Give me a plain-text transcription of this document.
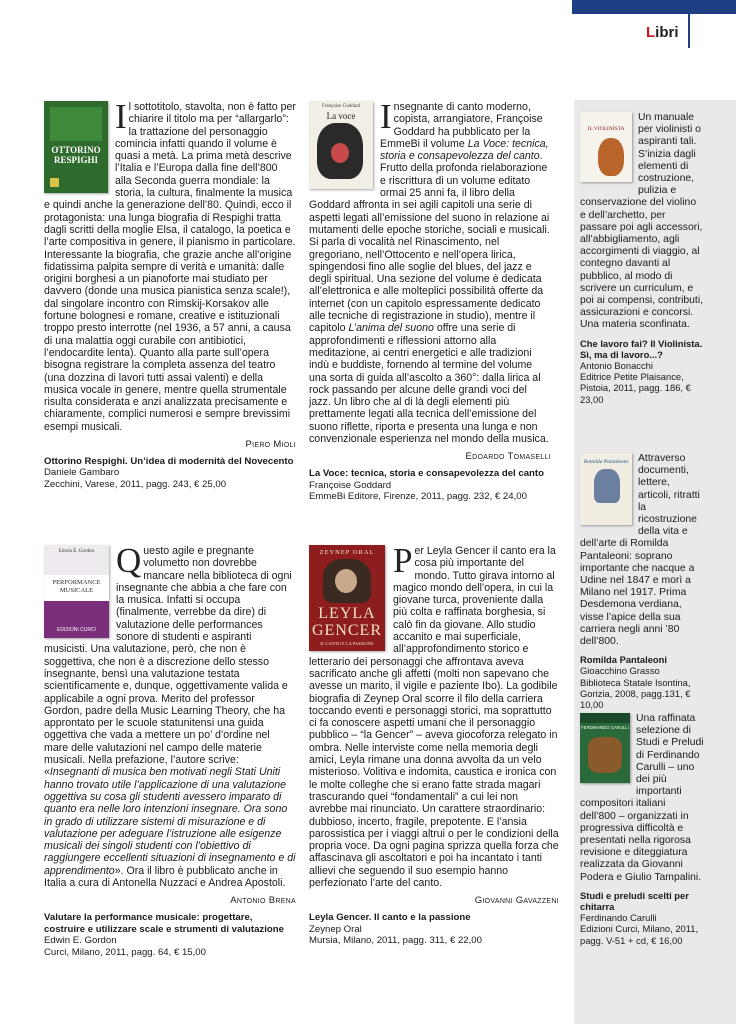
Libri
OTTORINO RESPIGHI

Il sottotitolo, stavolta, non è fatto per chiarire il titolo ma per “allargarlo”: la trattazione del personaggio comincia infatti quando il volume è quasi a metà. La prima metà descrive l’Italia e l’Europa dalla fine dell’800 alla Seconda guerra mondiale: la storia, la cultura, finalmente la musica e quindi anche la generazione dell’80. Quindi, ecco il protagonista: una lunga biografia di Respighi tratta dagli scritti della moglie Elsa, il catalogo, la poetica e l’arte compositiva in genere, il pianismo in particolare. Interessante la biografia, che grazie anche all’origine fidatissima palpita sempre di verità e umanità: dalle origini borghesi a un pianoforte mai studiato per davvero (donde una musica pianistica senza scale!), dal singolare incontro con Rimskij-Korsakov alle fortune bolognesi e romane, creative e istituzionali troppo presto interrotte (nel 1936, a 57 anni, a causa di una malattia oggi curabile con antibiotici, l’endocardite lenta). Quanto alla parte sull’opera bisogna registrare la completa assenza del teatro (una dozzina di lavori tutti assai valenti) e della musica vocale in genere, mentre quella strumentale risulta considerata e anzi analizzata precisamente e chiaramente, complici numerosi e sempre brevissimi esempi musicali.

Piero Mioli
Ottorino Respighi. Un’idea di modernità del Novecento
Daniele Gambaro
Zecchini, Varese, 2011, pagg. 243, € 25,00
Françoise Goddard
La voce Insegnante di canto moderno, copista, arrangiatore, Françoise Goddard ha pubblicato per la EmmeBi il volume La Voce: tecnica, storia e consapevolezza del canto. Frutto della profonda rielaborazione e riscrittura di un volume editato ormai 25 anni fa, il libro della Goddard affronta in sei agili capitoli una serie di aspetti legati all’emissione del suono in relazione ai mutamenti delle epoche storiche, sociali e musicali. Si parla di vocalità nel Rinascimento, nel gregoriano, nell’Ottocento e nell’opera lirica, spingendosi fino alle soglie del blues, del jazz e degli spiritual. Una sezione del volume è dedicata all’elettronica e alle molteplici possibilità offerte da internet (con un capitolo espressamente dedicato alle tecniche di registrazione in studio), mentre il capitolo L’anima del suono offre una serie di approfondimenti e riflessioni attorno alla meditazione, ai centri energetici e alle tradizioni indù e buddiste, fornendo al termine del volume una sorta di guida all’ascolto a 360°: dalla lirica al rock passando per alcune delle grandi voci del jazz. Un libro che al di là degli elementi più prettamente legati alla tecnica dell’emissione del suono riflette, riporta e presenta una lunga e non convenzionale esperienza nel mondo della musica.

Edoardo Tomaselli
La Voce: tecnica, storia e consapevolezza del canto
Françoise Goddard
EmmeBi Editore, Firenze, 2011, pagg. 232, € 24,00
Edwin E. Gordon
PERFORMANCE MUSICALE
EDIZIONI CURCI

Questo agile e pregnante volumetto non dovrebbe mancare nella biblioteca di ogni insegnante che abbia a che fare con la musica. Infatti si occupa (finalmente, verrebbe da dire) di valutazione delle performances sonore di studenti e aspiranti musicisti. Una valutazione, però, che non è soggettiva, che non è a discrezione dello stesso insegnante, bensì una valutazione testata scientificamente e, dunque, oggettivamente valida e applicabile a ogni prova. Merito del professor Gordon, padre della Music Learning Theory, che ha approntato per le scuole statunitensi una guida oggettiva che vada a mettere un po’ d’ordine nel mare delle valutazioni nel campo delle materie musicali. Nella prefazione, l’autore scrive: «Insegnanti di musica ben motivati negli Stati Uniti hanno trovato utile l’applicazione di una valutazione oggettiva su cosa gli studenti avessero imparato di quanto era nelle loro intenzioni insegnare. Ora sono in grado di utilizzare sistemi di misurazione e di valutazione per adeguare l’istruzione alle esigenze musicali dei singoli studenti con l’obiettivo di raggiungere eccellenti situazioni di insegnamento e di apprendimento». Ora il libro è pubblicato anche in Italia a cura di Antonella Nuzzaci e Andrea Apostoli.

Antonio Brena
Valutare la performance musicale: progettare, costruire e utilizzare scale e strumenti di valutazione
Edwin E. Gordon
Curci, Milano, 2011, pagg. 64, € 15,00
ZEYNEP ORAL
LEYLA
GENCER
IL CANTO E LA PASSIONE

Per Leyla Gencer il canto era la cosa più importante del mondo. Tutto girava intorno al magico mondo dell’opera, in cui la giovane turca, proveniente dalla più colta e raffinata borghesia, si calò fin da giovane. Allo studio accanito e mai superficiale, all’approfondimento storico e letterario dei personaggi che affrontava aveva sacrificato anche gli affetti (molti non sapevano che avesse un marito, il vigile e paziente Ibo). La godibile biografia di Zeynep Oral scorre il filo della carriera toccando eventi e personaggi storici, ma soprattutto ci fa conoscere aspetti umani che il personaggio pubblico – “la Gencer” – aveva giocoforza relegato in ombra. Nelle interviste come nella memoria degli amici, Leyla rimane una donna avvolta da un velo misterioso. Volitiva e indomita, caustica e ironica con le molte colleghe che si erano fatte strada magari trascurando quei “fondamentali” a cui lei non avrebbe mai rinunciato. Un carattere straordinario: dubbioso, incerto, fragile, prepotente. E l’ansia parossistica per i viaggi altrui o per le condizioni della propria voce. Da ogni pagina sprizza quella forza che affascinava gli ascoltatori e poi ha incantato i tanti allievi che seguendo il suo esempio hanno perfezionato l’arte del canto.

Giovanni Gavazzeni
Leyla Gencer. Il canto e la passione
Zeynep Oral
Mursia, Milano, 2011, pagg. 311, € 22,00
IL VIOLINISTA

Un manuale per violinisti o aspiranti tali. S’inizia dagli elementi di costruzione, pulizia e conservazione del violino e dell’archetto, per passare poi agli accessori, all’abbigliamento, agli accorgimenti di viaggio, al contegno davanti al pubblico, al modo di scrivere un curriculum, e poi ai compensi, contributi, assicurazioni e concorsi. Una materia sconfinata.

Che lavoro fai? Il Violinista. Sì, ma di lavoro...?
Antonio Bonacchi
Editrice Petite Plaisance, Pistoia, 2011, pagg. 186, € 23,00
Romilda Pantaleoni Attraverso documenti, lettere, articoli, ritratti la ricostruzione della vita e dell’arte di Romilda Pantaleoni: soprano importante che nacque a Udine nel 1847 e morì a Milano nel 1917. Prima Desdemona verdiana, visse l’apice della sua carriera negli anni ’80 dell’800.

Romilda Pantaleoni
Gioacchino Grasso
Biblioteca Statale Isontina, Gorizia, 2008, pagg.131, € 10,00
FERDINANDO CARULLI

Una raffinata selezione di Studi e Preludi di Ferdinando Carulli – uno dei più importanti compositori italiani dell’800 – organizzati in progressiva difficoltà e presentati nella rigorosa revisione e diteggiatura realizzata da Giovanni Podera e Giulio Tampalini.

Studi e preludi scelti per chitarra
Ferdinando Carulli
Edizioni Curci, Milano, 2011, pagg. V-51 + cd, € 16,00
